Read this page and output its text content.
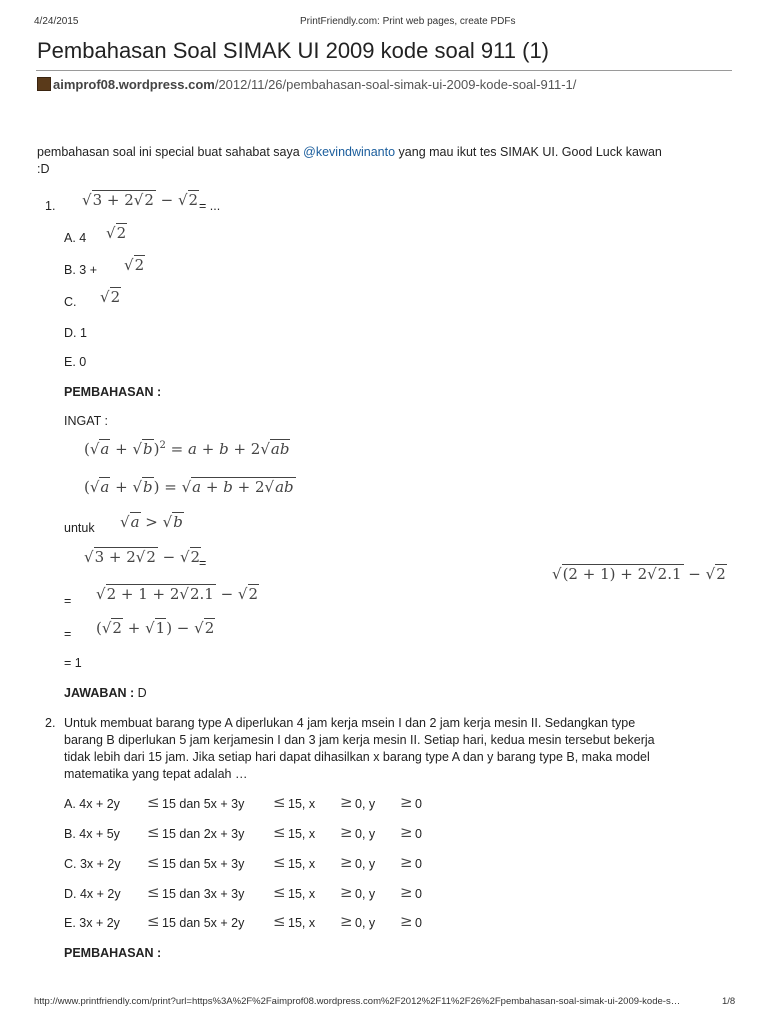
4/24/2015	PrintFriendly.com: Print web pages, create PDFs
Pembahasan Soal SIMAK UI 2009 kode soal 911 (1)
aimprof08.wordpress.com/2012/11/26/pembahasan-soal-simak-ui-2009-kode-soal-911-1/
pembahasan soal ini special buat sahabat saya @kevindwinanto yang mau ikut tes SIMAK UI. Good Luck kawan
:D
1. √3 + 2√2 − √2 = ...
A. 4 √2
B. 3 + √2
C. √2
D. 1
E. 0
PEMBAHASAN :
INGAT :
$(√a + √b)^2 = a + b + 2√ab$
(√a + √b) = √a + b + 2√ab
untuk √a > √b
√3 + 2√2 − √2
=
√(2 + 1) + 2√2.1 − √2
= √2 + 1 + 2√2.1 − √2
= (√2 + √1) − √2
= 1
JAWABAN : D
2. Untuk membuat barang type A diperlukan 4 jam kerja msein I dan 2 jam kerja mesin II. Sedangkan type
barang B diperlukan 5 jam kerjamesin I dan 3 jam kerja mesin II. Setiap hari, kedua mesin tersebut bekerja
tidak lebih dari 15 jam. Jika setiap hari dapat dihasilkan x barang type A dan y barang type B, maka model
matematika yang tepat adalah …
A. 4x + 2y ≤ 15 dan 5x + 3y ≤ 15, x ≥ 0, y ≥ 0
B. 4x + 5y ≤ 15 dan 2x + 3y ≤ 15, x ≥ 0, y ≥ 0
C. 3x + 2y ≤ 15 dan 5x + 3y ≤ 15, x ≥ 0, y ≥ 0
D. 4x + 2y ≤ 15 dan 3x + 3y ≤ 15, x ≥ 0, y ≥ 0
E. 3x + 2y ≤ 15 dan 5x + 2y ≤ 15, x ≥ 0, y ≥ 0
PEMBAHASAN :
http://www.printfriendly.com/print?url=https%3A%2F%2Faimprof08.wordpress.com%2F2012%2F11%2F26%2Fpembahasan-soal-simak-ui-2009-kode-s…	1/8
